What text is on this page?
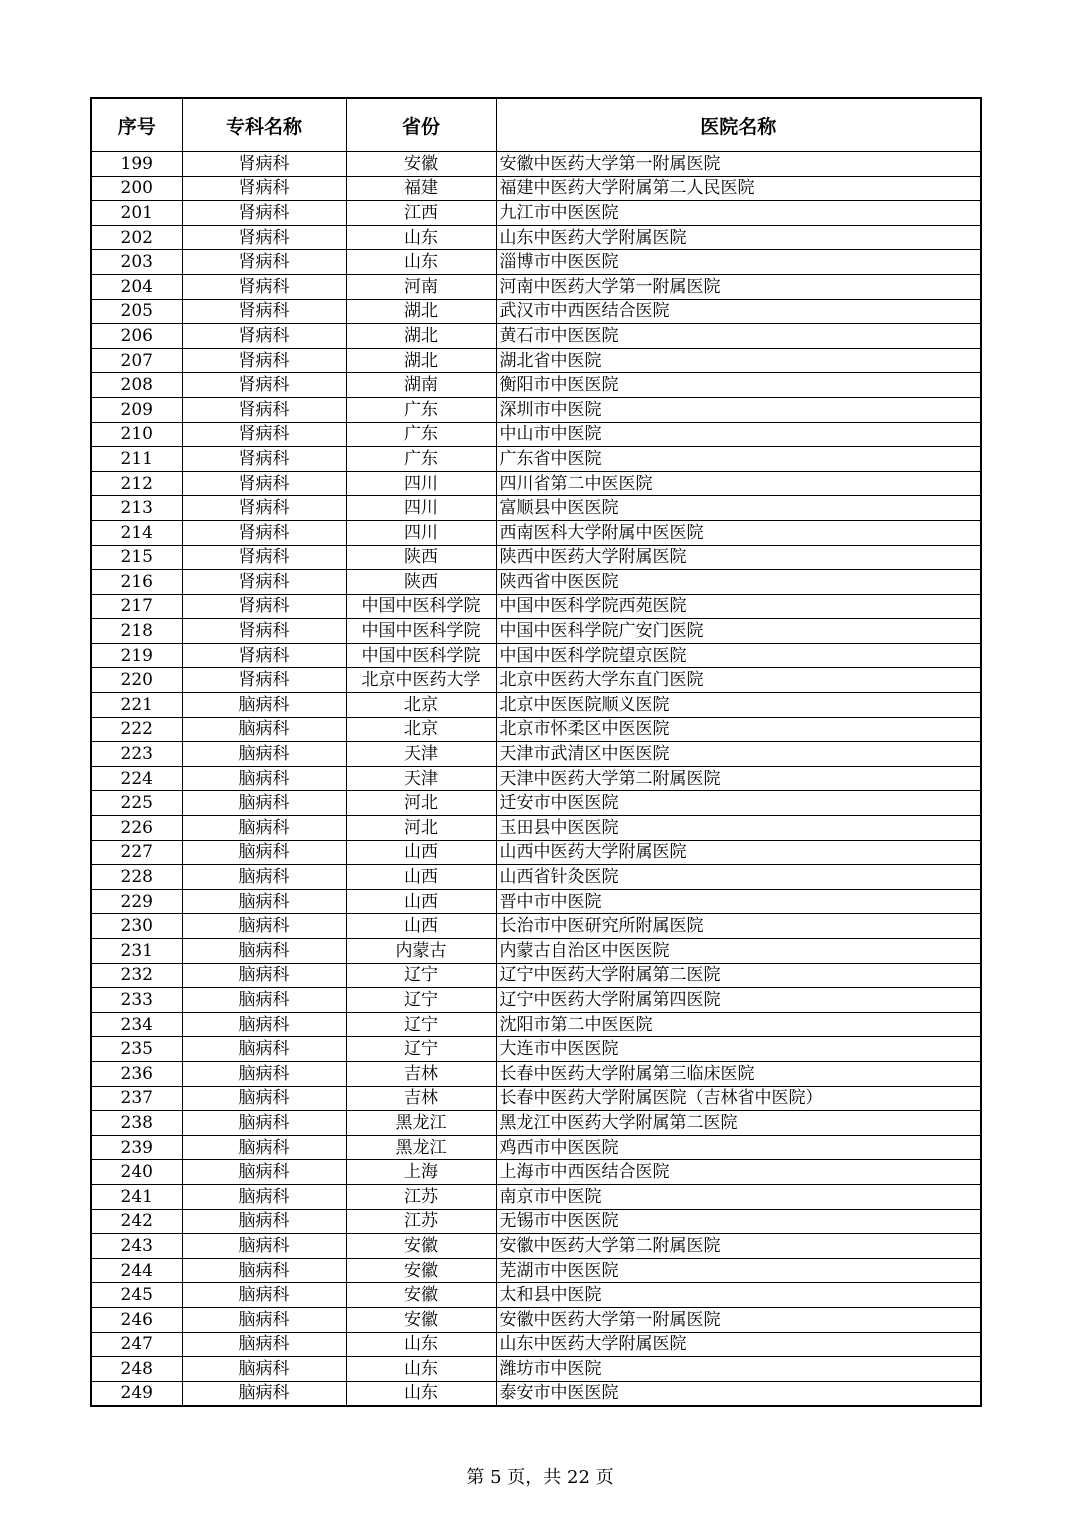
序号	专科名称	省份	医院名称
199	肾病科	安徽	安徽中医药大学第一附属医院
200	肾病科	福建	福建中医药大学附属第二人民医院
201	肾病科	江西	九江市中医医院
202	肾病科	山东	山东中医药大学附属医院
203	肾病科	山东	淄博市中医医院
204	肾病科	河南	河南中医药大学第一附属医院
205	肾病科	湖北	武汉市中西医结合医院
206	肾病科	湖北	黄石市中医医院
207	肾病科	湖北	湖北省中医院
208	肾病科	湖南	衡阳市中医医院
209	肾病科	广东	深圳市中医院
210	肾病科	广东	中山市中医院
211	肾病科	广东	广东省中医院
212	肾病科	四川	四川省第二中医医院
213	肾病科	四川	富顺县中医医院
214	肾病科	四川	西南医科大学附属中医医院
215	肾病科	陕西	陕西中医药大学附属医院
216	肾病科	陕西	陕西省中医医院
217	肾病科	中国中医科学院	中国中医科学院西苑医院
218	肾病科	中国中医科学院	中国中医科学院广安门医院
219	肾病科	中国中医科学院	中国中医科学院望京医院
220	肾病科	北京中医药大学	北京中医药大学东直门医院
221	脑病科	北京	北京中医医院顺义医院
222	脑病科	北京	北京市怀柔区中医医院
223	脑病科	天津	天津市武清区中医医院
224	脑病科	天津	天津中医药大学第二附属医院
225	脑病科	河北	迁安市中医医院
226	脑病科	河北	玉田县中医医院
227	脑病科	山西	山西中医药大学附属医院
228	脑病科	山西	山西省针灸医院
229	脑病科	山西	晋中市中医院
230	脑病科	山西	长治市中医研究所附属医院
231	脑病科	内蒙古	内蒙古自治区中医医院
232	脑病科	辽宁	辽宁中医药大学附属第二医院
233	脑病科	辽宁	辽宁中医药大学附属第四医院
234	脑病科	辽宁	沈阳市第二中医医院
235	脑病科	辽宁	大连市中医医院
236	脑病科	吉林	长春中医药大学附属第三临床医院
237	脑病科	吉林	长春中医药大学附属医院（吉林省中医院）
238	脑病科	黑龙江	黑龙江中医药大学附属第二医院
239	脑病科	黑龙江	鸡西市中医医院
240	脑病科	上海	上海市中西医结合医院
241	脑病科	江苏	南京市中医院
242	脑病科	江苏	无锡市中医医院
243	脑病科	安徽	安徽中医药大学第二附属医院
244	脑病科	安徽	芜湖市中医医院
245	脑病科	安徽	太和县中医院
246	脑病科	安徽	安徽中医药大学第一附属医院
247	脑病科	山东	山东中医药大学附属医院
248	脑病科	山东	潍坊市中医院
249	脑病科	山东	泰安市中医医院
第 5 页，共 22 页
